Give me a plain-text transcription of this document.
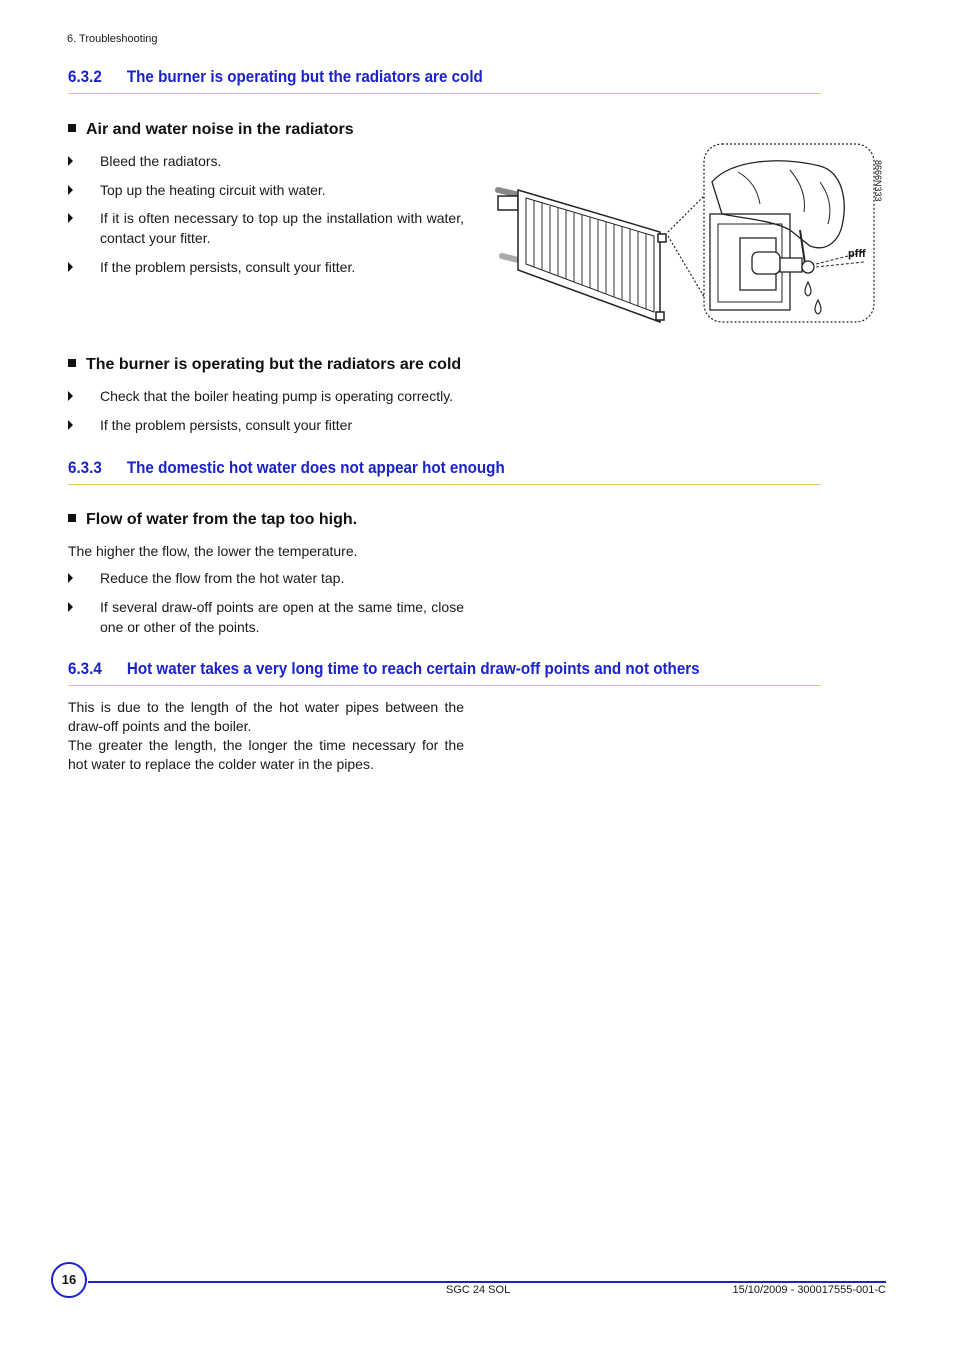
6. Troubleshooting
6.3.2 The burner is operating but the radiators are cold
Air and water noise in the radiators
Bleed the radiators.
Top up the heating circuit with water.
If it is often necessary to top up the installation with water, contact your fitter.
If the problem persists, consult your fitter.
pfff
8666N333
The burner is operating but the radiators are cold
Check that the boiler heating pump is operating correctly.
If the problem persists, consult your fitter
6.3.3 The domestic hot water does not appear hot enough
Flow of water from the tap too high.
The higher the flow, the lower the temperature.
Reduce the flow from the hot water tap.
If several draw-off points are open at the same time, close one or other of the points.
6.3.4 Hot water takes a very long time to reach certain draw-off points and not others
This is due to the length of the hot water pipes between the draw-off points and the boiler.
The greater the length, the longer the time necessary for the hot water to replace the colder water in the pipes.
16
SGC 24 SOL	15/10/2009 - 300017555-001-C
